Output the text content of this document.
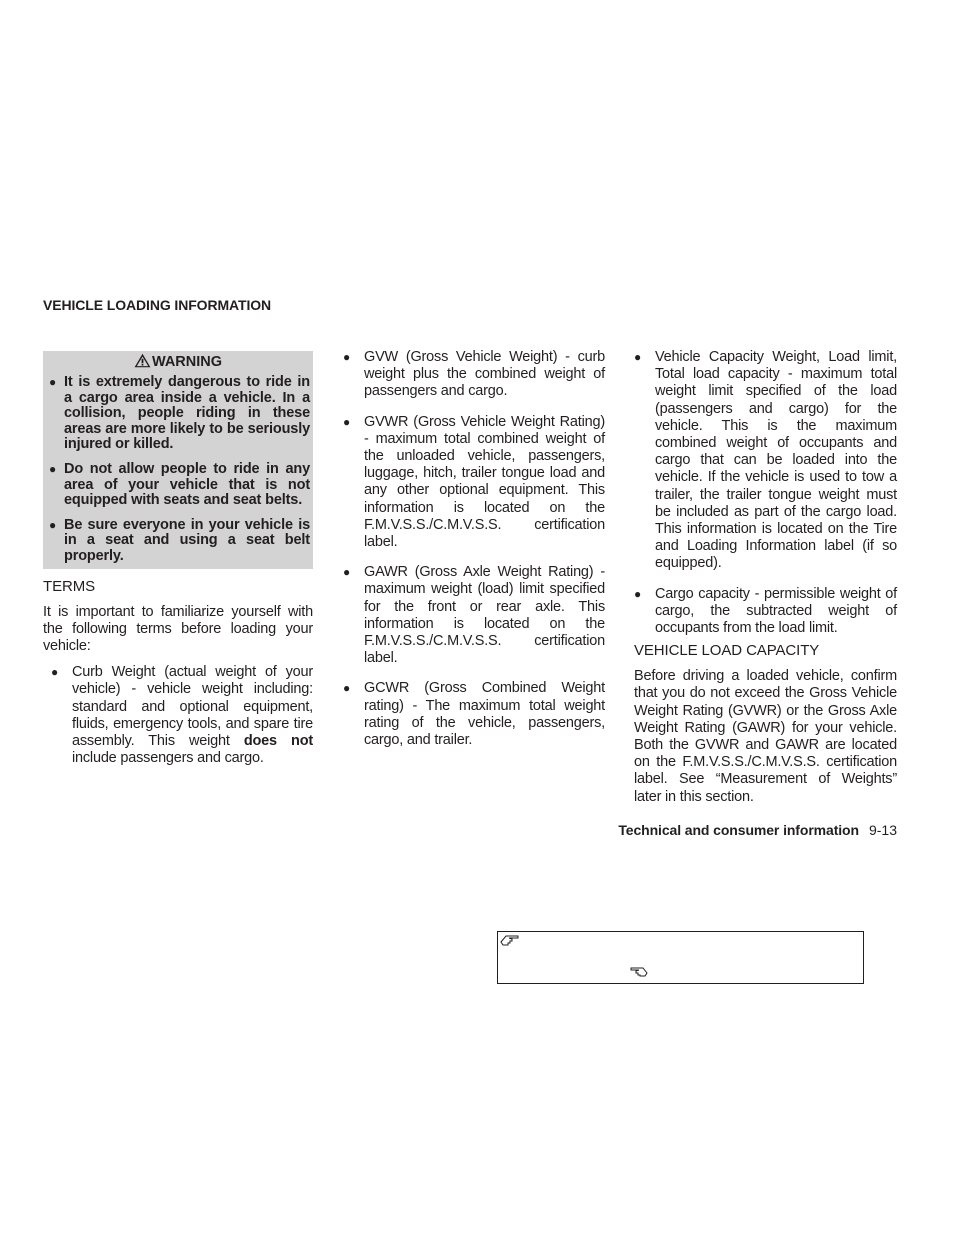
VEHICLE LOADING INFORMATION
WARNING
● It is extremely dangerous to ride in a cargo area inside a vehicle. In a collision, people riding in these areas are more likely to be seriously injured or killed.
● Do not allow people to ride in any area of your vehicle that is not equipped with seats and seat belts.
● Be sure everyone in your vehicle is in a seat and using a seat belt properly.
TERMS

It is important to familiarize yourself with the following terms before loading your vehicle:

● Curb Weight (actual weight of your vehicle) - vehicle weight including: standard and optional equipment, fluids, emergency tools, and spare tire assembly. This weight does not include passengers and cargo.
● GVW (Gross Vehicle Weight) - curb weight plus the combined weight of passengers and cargo.
● GVWR (Gross Vehicle Weight Rating) - maximum total combined weight of the unloaded vehicle, passengers, luggage, hitch, trailer tongue load and any other optional equipment. This information is located on the F.M.V.S.S./C.M.V.S.S. certification label.
● GAWR (Gross Axle Weight Rating) - maximum weight (load) limit specified for the front or rear axle. This information is located on the F.M.V.S.S./C.M.V.S.S. certification label.
● GCWR (Gross Combined Weight rating) - The maximum total weight rating of the vehicle, passengers, cargo, and trailer.
● Vehicle Capacity Weight, Load limit, Total load capacity - maximum total weight limit specified of the load (passengers and cargo) for the vehicle. This is the maximum combined weight of occupants and cargo that can be loaded into the vehicle. If the vehicle is used to tow a trailer, the trailer tongue weight must be included as part of the cargo load. This information is located on the Tire and Loading Information label (if so equipped).
● Cargo capacity - permissible weight of cargo, the subtracted weight of occupants from the load limit.
VEHICLE LOAD CAPACITY

Before driving a loaded vehicle, confirm that you do not exceed the Gross Vehicle Weight Rating (GVWR) or the Gross Axle Weight Rating (GAWR) for your vehicle. Both the GVWR and GAWR are located on the F.M.V.S.S./C.M.V.S.S. certification label. See “Measurement of Weights” later in this section.

Technical and consumer information 9-13
